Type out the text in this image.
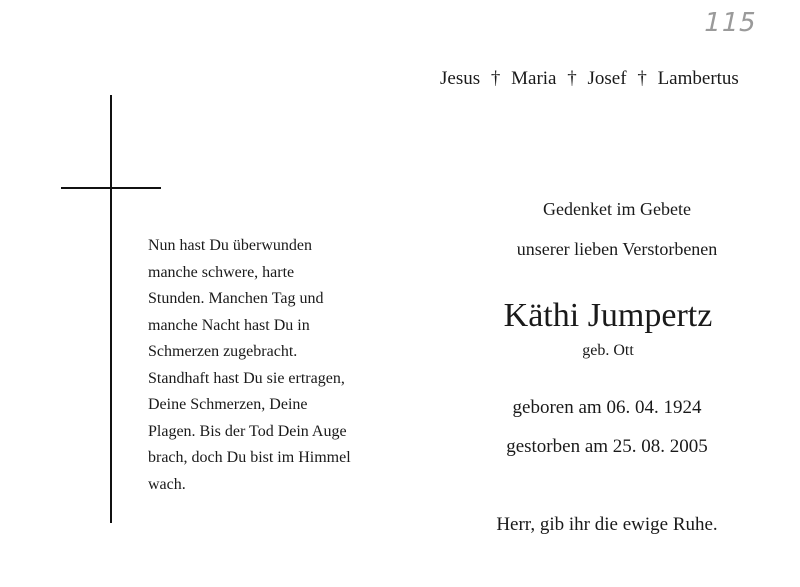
115
Jesus † Maria † Josef † Lambertus
Nun hast Du überwunden
manche schwere, harte
Stunden. Manchen Tag und
manche Nacht hast Du in
Schmerzen zugebracht.
Standhaft hast Du sie ertragen,
Deine Schmerzen, Deine
Plagen. Bis der Tod Dein Auge
brach, doch Du bist im Himmel
wach.
Gedenket im Gebete
unserer lieben Verstorbenen
Käthi Jumpertz
geb. Ott
geboren am 06. 04. 1924
gestorben am 25. 08. 2005
Herr, gib ihr die ewige Ruhe.
